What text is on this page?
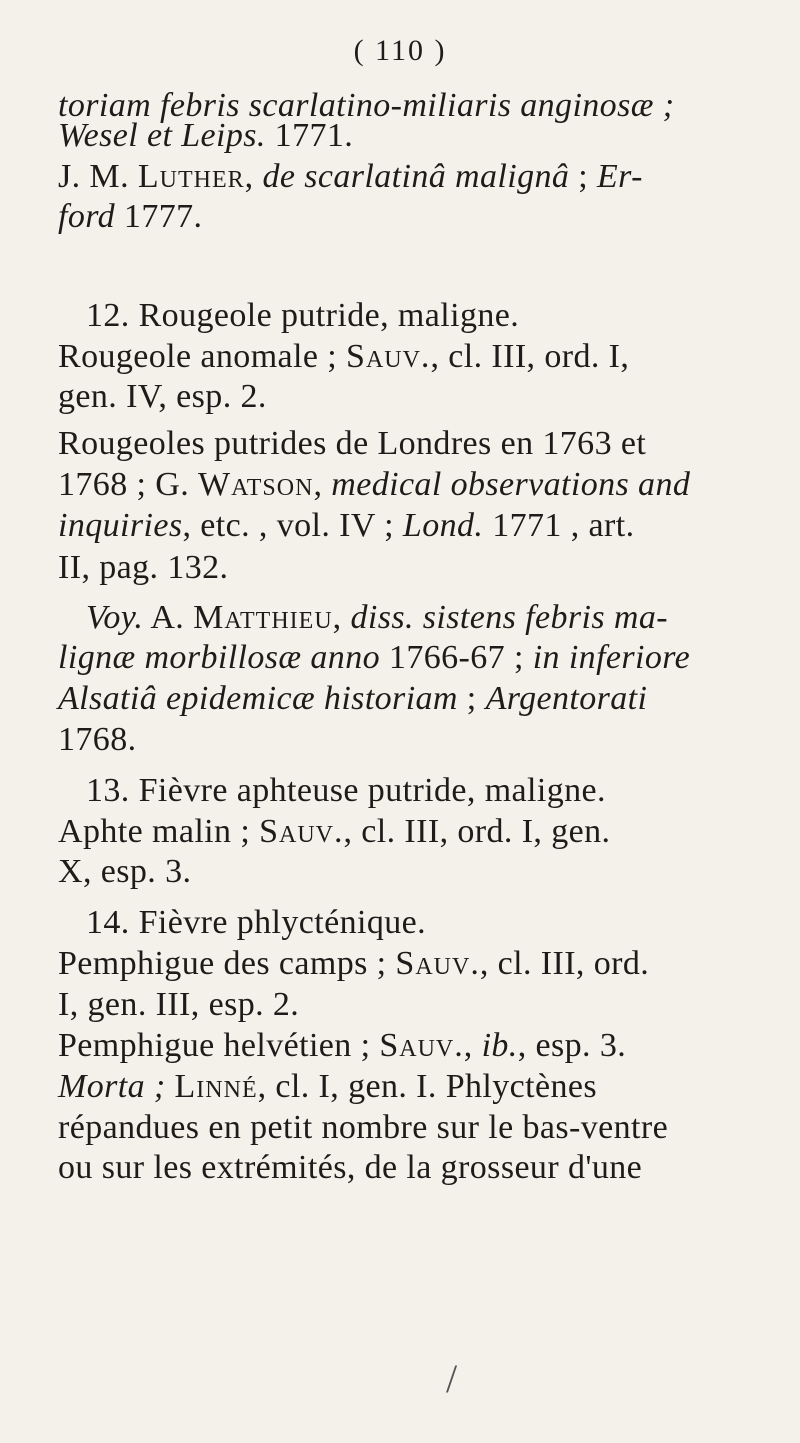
( 110 )
toriam febris scarlatino-miliaris anginosæ ;
Wesel et Leips. 1771.
J. M. Luther, de scarlatinâ malignâ ; Er-
ford 1777.
12. Rougeole putride, maligne.
Rougeole anomale ; Sauv., cl. III, ord. I,
gen. IV, esp. 2.
Rougeoles putrides de Londres en 1763 et
1768 ; G. Watson, medical observations and
inquiries, etc. , vol. IV ; Lond. 1771 , art.
II, pag. 132.
Voy. A. Matthieu, diss. sistens febris ma-
lignæ morbillosæ anno 1766-67 ; in inferiore
Alsatiâ epidemicæ historiam ; Argentorati
1768.
13. Fièvre aphteuse putride, maligne.
Aphte malin ; Sauv., cl. III, ord. I, gen.
X, esp. 3.
14. Fièvre phlycténique.
Pemphigue des camps ; Sauv., cl. III, ord.
I, gen. III, esp. 2.
Pemphigue helvétien ; Sauv., ib., esp. 3.
Morta ; Linné, cl. I, gen. I. Phlyctènes
répandues en petit nombre sur le bas-ventre
ou sur les extrémités, de la grosseur d'une
/
